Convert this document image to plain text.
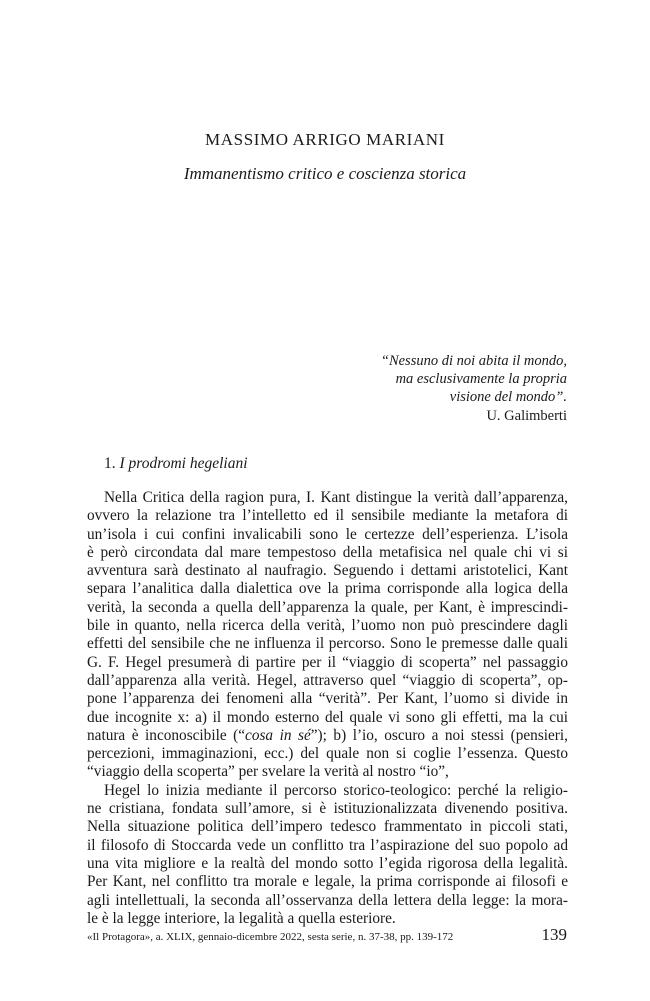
MASSIMO ARRIGO MARIANI
Immanentismo critico e coscienza storica
“Nessuno di noi abita il mondo,
ma esclusivamente la propria
visione del mondo”.
U. Galimberti
1. I prodromi hegeliani
Nella Critica della ragion pura, I. Kant distingue la verità dall’apparenza,
ovvero la relazione tra l’intelletto ed il sensibile mediante la metafora di
un’isola i cui confini invalicabili sono le certezze dell’esperienza. L’isola
è però circondata dal mare tempestoso della metafisica nel quale chi vi si
avventura sarà destinato al naufragio. Seguendo i dettami aristotelici, Kant
separa l’analitica dalla dialettica ove la prima corrisponde alla logica della
verità, la seconda a quella dell’apparenza la quale, per Kant, è imprescindi-
bile in quanto, nella ricerca della verità, l’uomo non può prescindere dagli
effetti del sensibile che ne influenza il percorso. Sono le premesse dalle quali
G. F. Hegel presumerà di partire per il “viaggio di scoperta” nel passaggio
dall’apparenza alla verità. Hegel, attraverso quel “viaggio di scoperta”, op-
pone l’apparenza dei fenomeni alla “verità”. Per Kant, l’uomo si divide in
due incognite x: a) il mondo esterno del quale vi sono gli effetti, ma la cui
natura è inconoscibile (“cosa in sé”); b) l’io, oscuro a noi stessi (pensieri,
percezioni, immaginazioni, ecc.) del quale non si coglie l’essenza. Questo
“viaggio della scoperta” per svelare la verità al nostro “io”,
Hegel lo inizia mediante il percorso storico-teologico: perché la religio-
ne cristiana, fondata sull’amore, si è istituzionalizzata divenendo positiva.
Nella situazione politica dell’impero tedesco frammentato in piccoli stati,
il filosofo di Stoccarda vede un conflitto tra l’aspirazione del suo popolo ad
una vita migliore e la realtà del mondo sotto l’egida rigorosa della legalità.
Per Kant, nel conflitto tra morale e legale, la prima corrisponde ai filosofi e
agli intellettuali, la seconda all’osservanza della lettera della legge: la mora-
le è la legge interiore, la legalità a quella esteriore.
«Il Protagora», a. XLIX, gennaio-dicembre 2022, sesta serie, n. 37-38, pp. 139-172	139
